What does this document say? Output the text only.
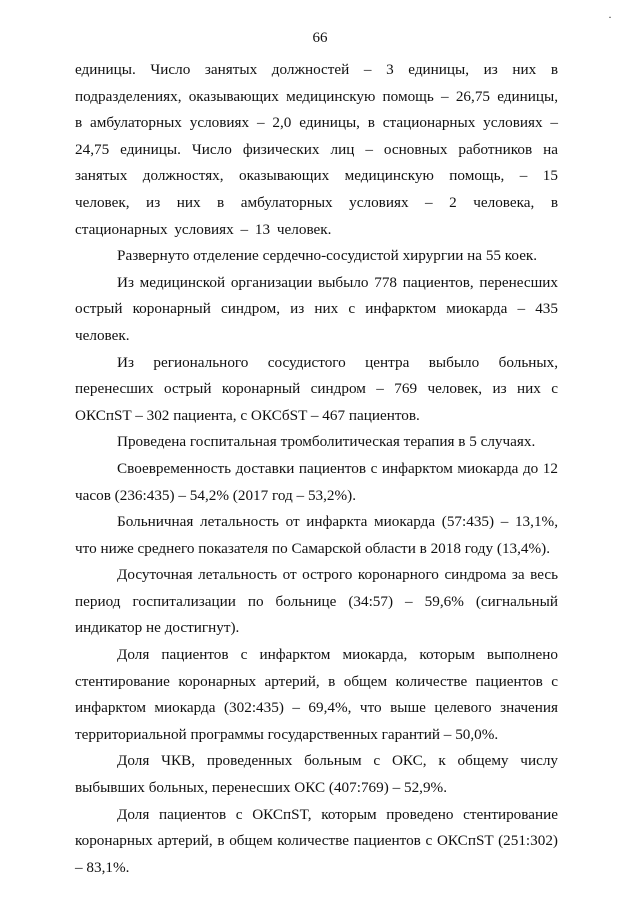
·
66

единицы. Число занятых должностей – 3 единицы, из них в подразделениях, оказывающих медицинскую помощь – 26,75 единицы, в амбулаторных условиях – 2,0 единицы, в стационарных условиях – 24,75 единицы. Число физических лиц – основных работников на занятых должностях, оказывающих медицинскую помощь, – 15 человек, из них в амбулаторных условиях – 2 человека, в стационарных условиях – 13 человек.

Развернуто отделение сердечно-сосудистой хирургии на 55 коек.

Из медицинской организации выбыло 778 пациентов, перенесших острый коронарный синдром, из них с инфарктом миокарда – 435 человек.

Из регионального сосудистого центра выбыло больных, перенесших острый коронарный синдром – 769 человек, из них с ОКСпST – 302 пациента, с ОКСбST – 467 пациентов.

Проведена госпитальная тромболитическая терапия в 5 случаях.

Своевременность доставки пациентов с инфарктом миокарда до 12 часов (236:435) – 54,2% (2017 год – 53,2%).

Больничная летальность от инфаркта миокарда (57:435) – 13,1%, что ниже среднего показателя по Самарской области в 2018 году (13,4%).

Досуточная летальность от острого коронарного синдрома за весь период госпитализации по больнице (34:57) – 59,6% (сигнальный индикатор не достигнут).

Доля пациентов с инфарктом миокарда, которым выполнено стентирование коронарных артерий, в общем количестве пациентов с инфарктом миокарда (302:435) – 69,4%, что выше целевого значения территориальной программы государственных гарантий – 50,0%.

Доля ЧКВ, проведенных больным с ОКС, к общему числу выбывших больных, перенесших ОКС (407:769) – 52,9%.

Доля пациентов с ОКСпST, которым проведено стентирование коронарных артерий, в общем количестве пациентов с ОКСпST (251:302) – 83,1%.
